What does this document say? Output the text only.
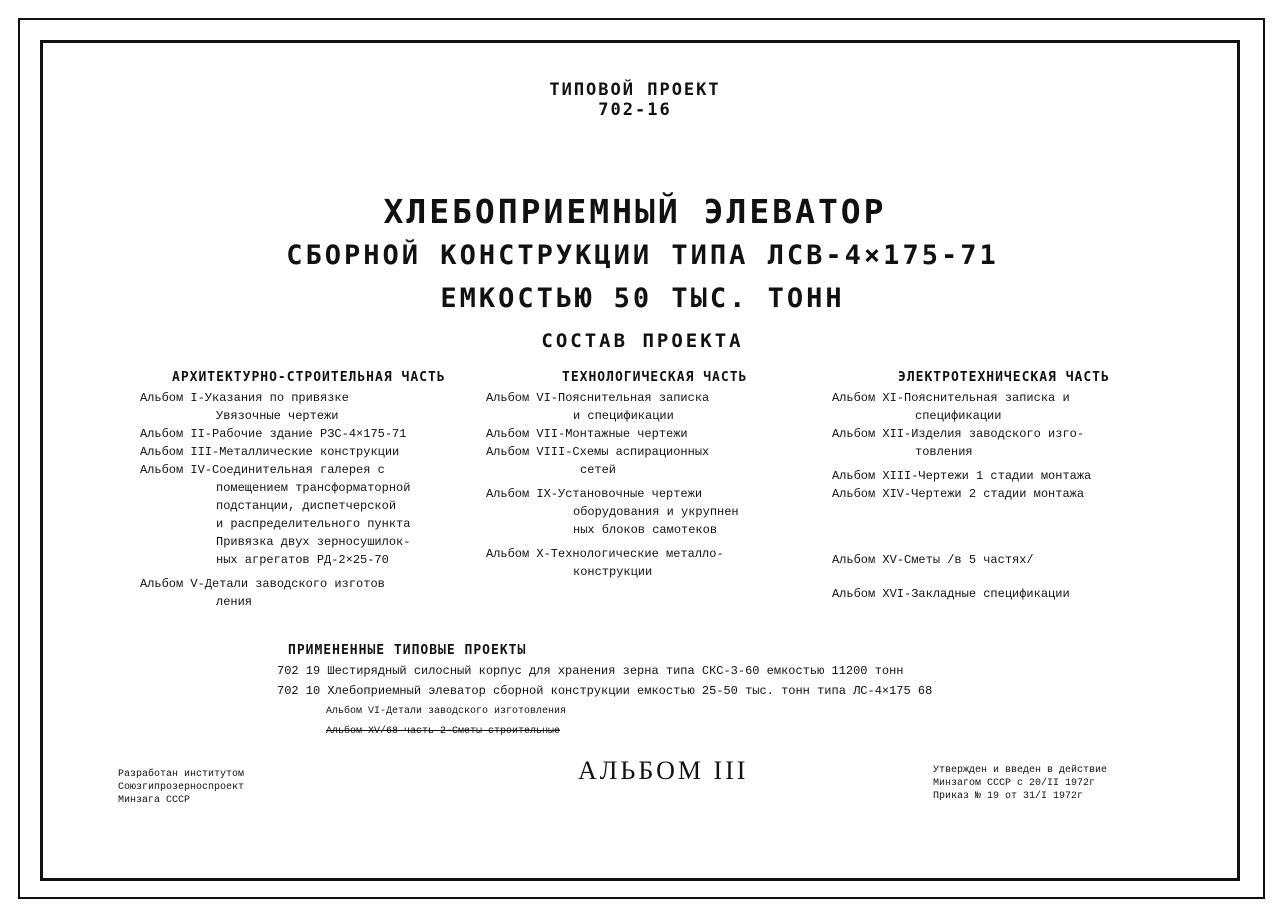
ТИПОВОЙ ПРОЕКТ
702-16
ХЛЕБОПРИЕМНЫЙ ЭЛЕВАТОР
СБОРНОЙ КОНСТРУКЦИИ ТИПА ЛСВ-4×175-71
ЕМКОСТЬЮ 50 ТЫС. ТОНН
СОСТАВ ПРОЕКТА
АРХИТЕКТУРНО-СТРОИТЕЛЬНАЯ ЧАСТЬ
Альбом I-Указания по привязке
Увязочные чертежи
Альбом II-Рабочие здание РЗС-4×175-71
Альбом III-Металлические конструкции
Альбом IV-Соединительная галерея с
помещением трансформаторной
подстанции, диспетчерской
и распределительного пункта
Привязка двух зерносушилок-
ных агрегатов РД-2×25-70
Альбом V-Детали заводского изготов
ления
ТЕХНОЛОГИЧЕСКАЯ ЧАСТЬ
Альбом VI-Пояснительная записка
и спецификации
Альбом VII-Монтажные чертежи
Альбом VIII-Схемы аспирационных
сетей
Альбом IX-Установочные чертежи
оборудования и укрупнен
ных блоков самотеков
Альбом X-Технологические металло-
конструкции
ЭЛЕКТРОТЕХНИЧЕСКАЯ ЧАСТЬ
Альбом XI-Пояснительная записка и
спецификации
Альбом XII-Изделия заводского изго-
товления
Альбом XIII-Чертежи 1 стадии монтажа
Альбом XIV-Чертежи 2 стадии монтажа
Альбом XV-Сметы /в 5 частях/
Альбом XVI-Закладные спецификации
ПРИМЕНЕННЫЕ ТИПОВЫЕ ПРОЕКТЫ
702 19 Шестирядный силосный корпус для хранения зерна типа СКС-3-60 емкостью 11200 тонн
702 10 Хлебоприемный элеватор сборной конструкции емкостью 25-50 тыс. тонн типа ЛС-4×175 68
Альбом VI-Детали заводского изготовления
Альбом XV/68 часть 2-Сметы строительные
Разработан институтом
Союзгипрозерноспроект
Минзага СССР
АЛЬБОМ III	Утвержден и введен в действие
Минзагом СССР с 20/II 1972г
Приказ № 19 от 31/I 1972г
